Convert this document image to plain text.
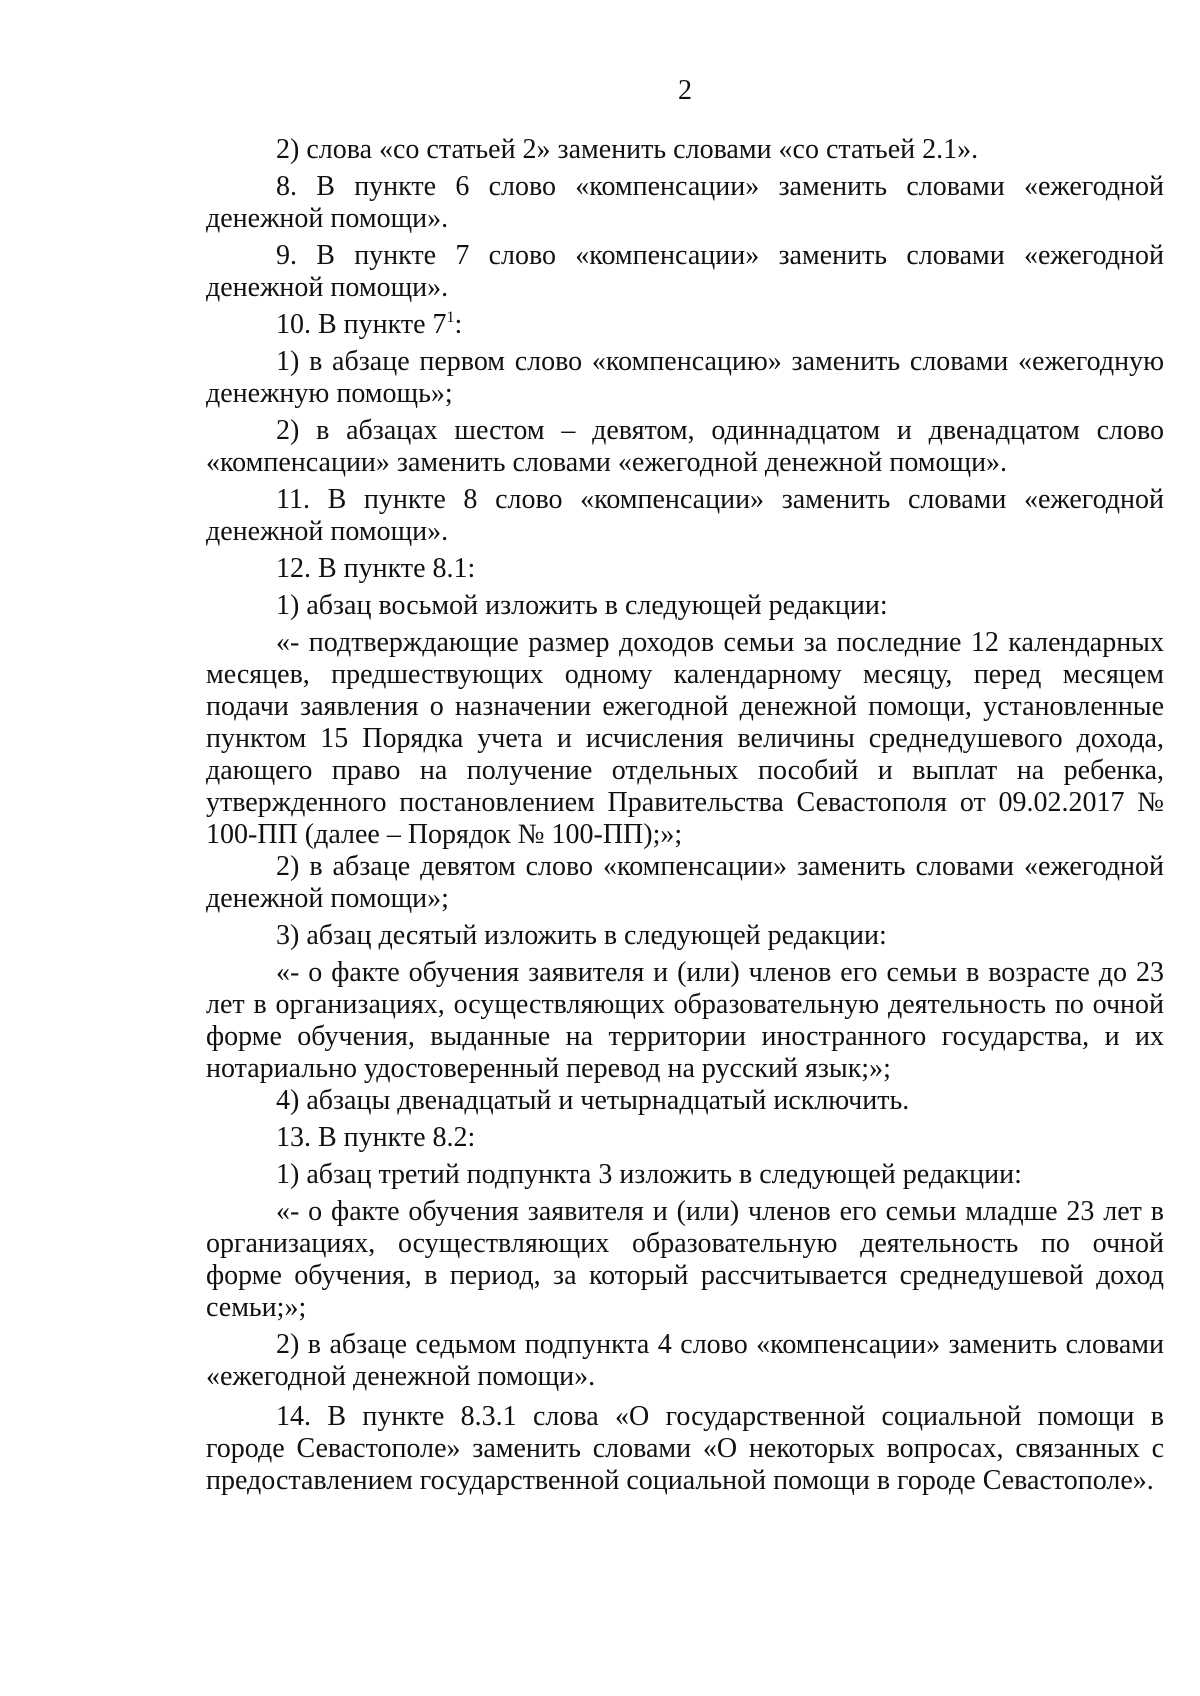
2

2) слова «со статьей 2» заменить словами «со статьей 2.1».

8. В пункте 6 слово «компенсации» заменить словами «ежегодной денежной помощи».

9. В пункте 7 слово «компенсации» заменить словами «ежегодной денежной помощи».

10. В пункте $7^1$:

1) в абзаце первом слово «компенсацию» заменить словами «ежегодную денежную помощь»;

2) в абзацах шестом – девятом, одиннадцатом и двенадцатом слово «компенсации» заменить словами «ежегодной денежной помощи».

11. В пункте 8 слово «компенсации» заменить словами «ежегодной денежной помощи».

12. В пункте 8.1:

1) абзац восьмой изложить в следующей редакции:

«- подтверждающие размер доходов семьи за последние 12 календарных месяцев, предшествующих одному календарному месяцу, перед месяцем подачи заявления о назначении ежегодной денежной помощи, установленные пунктом 15 Порядка учета и исчисления величины среднедушевого дохода, дающего право на получение отдельных пособий и выплат на ребенка, утвержденного постановлением Правительства Севастополя от 09.02.2017 № 100-ПП (далее – Порядок № 100-ПП);»;

2) в абзаце девятом слово «компенсации» заменить словами «ежегодной денежной помощи»;

3) абзац десятый изложить в следующей редакции:

«- о факте обучения заявителя и (или) членов его семьи в возрасте до 23 лет в организациях, осуществляющих образовательную деятельность по очной форме обучения, выданные на территории иностранного государства, и их нотариально удостоверенный перевод на русский язык;»;

4) абзацы двенадцатый и четырнадцатый исключить.

13. В пункте 8.2:

1) абзац третий подпункта 3 изложить в следующей редакции:

«- о факте обучения заявителя и (или) членов его семьи младше 23 лет в организациях, осуществляющих образовательную деятельность по очной форме обучения, в период, за который рассчитывается среднедушевой доход семьи;»;

2) в абзаце седьмом подпункта 4 слово «компенсации» заменить словами «ежегодной денежной помощи».

14. В пункте 8.3.1 слова «О государственной социальной помощи в городе Севастополе» заменить словами «О некоторых вопросах, связанных с предоставлением государственной социальной помощи в городе Севастополе».
